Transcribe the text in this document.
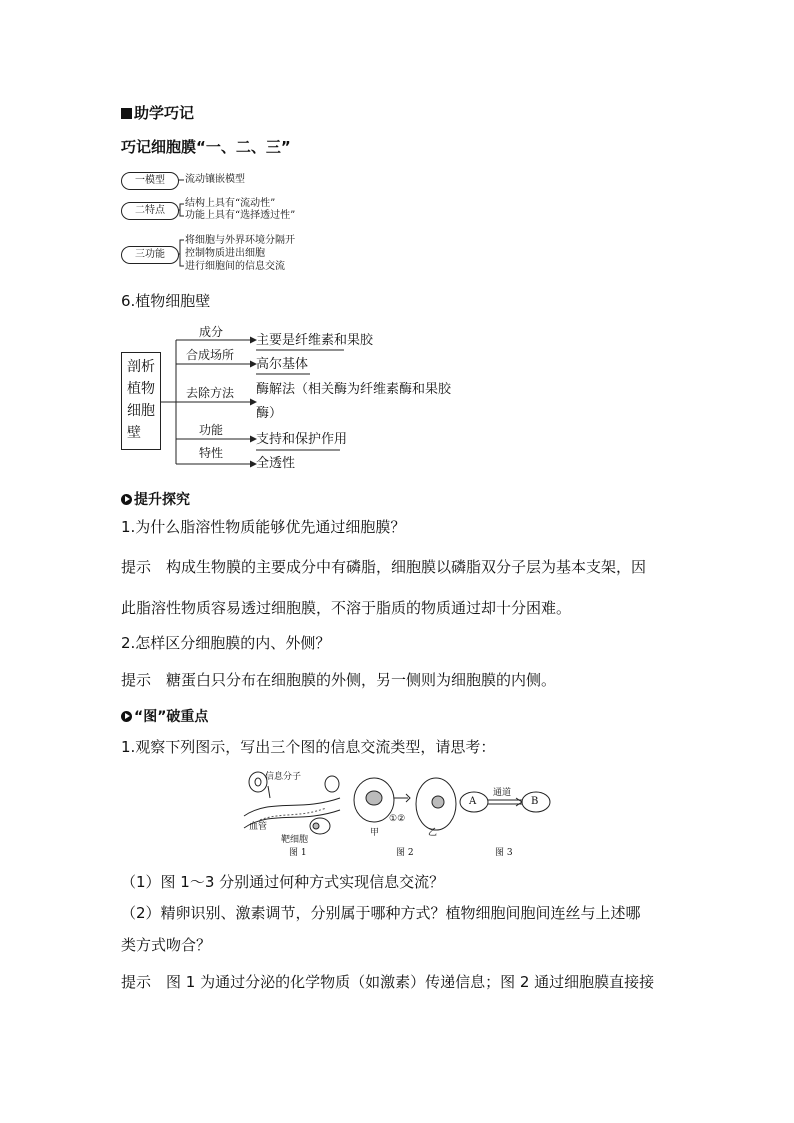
助学巧记
巧记细胞膜“一、二、三”
一模型	流动镶嵌模型
二特点
结构上具有“流动性”
功能上具有“选择透过性”
三功能
将细胞与外界环境分隔开
控制物质进出细胞
进行细胞间的信息交流
6.植物细胞壁
剖析
植物
细胞
壁
成分
主要是纤维素和果胶
合成场所
高尔基体
去除方法 酶解法（相关酶为纤维素酶和果胶
酶）
功能
支持和保护作用
特性
全透性
提升探究
1.为什么脂溶性物质能够优先通过细胞膜？
提示　构成生物膜的主要成分中有磷脂，细胞膜以磷脂双分子层为基本支架，因
此脂溶性物质容易透过细胞膜，不溶于脂质的物质通过却十分困难。
2.怎样区分细胞膜的内、外侧？
提示　糖蛋白只分布在细胞膜的外侧，另一侧则为细胞膜的内侧。
“图”破重点
1.观察下列图示，写出三个图的信息交流类型，请思考：
信息分子
血管
靶细胞
图 1
甲
①②
乙
图 2
A
通道
B
图 3
（1）图 1～3 分别通过何种方式实现信息交流？
（2）精卵识别、激素调节，分别属于哪种方式？植物细胞间胞间连丝与上述哪
类方式吻合？
提示　图 1 为通过分泌的化学物质（如激素）传递信息；图 2 通过细胞膜直接接
